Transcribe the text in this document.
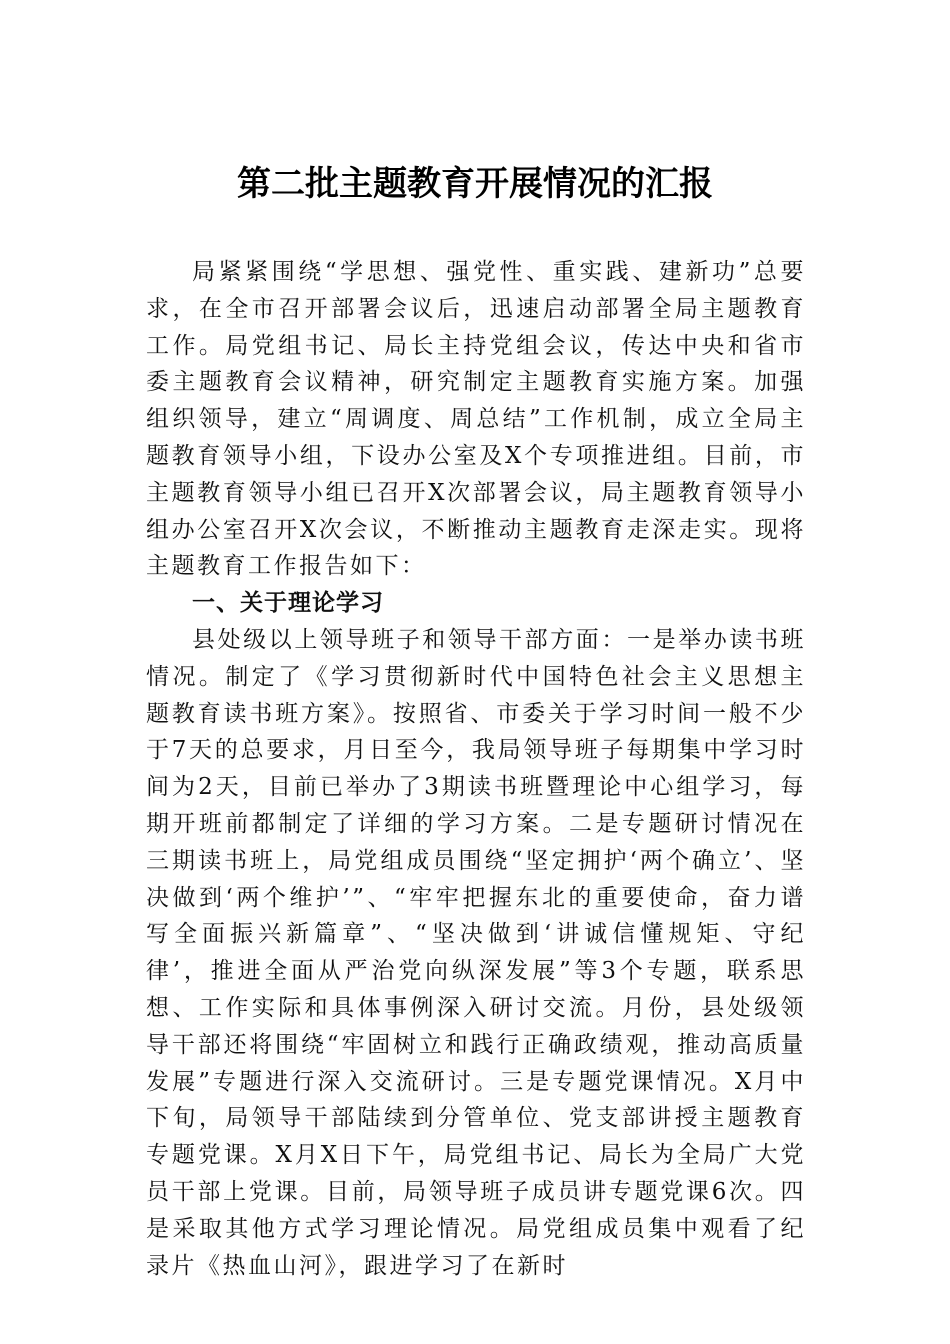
第二批主题教育开展情况的汇报

局紧紧围绕“学思想、强党性、重实践、建新功”总要求，在全市召开部署会议后，迅速启动部署全局主题教育工作。局党组书记、局长主持党组会议，传达中央和省市委主题教育会议精神，研究制定主题教育实施方案。加强组织领导，建立“周调度、周总结”工作机制，成立全局主题教育领导小组，下设办公室及X个专项推进组。目前，市主题教育领导小组已召开X次部署会议，局主题教育领导小组办公室召开X次会议，不断推动主题教育走深走实。现将主题教育工作报告如下：

一、关于理论学习

县处级以上领导班子和领导干部方面：一是举办读书班情况。制定了《学习贯彻新时代中国特色社会主义思想主题教育读书班方案》。按照省、市委关于学习时间一般不少于7天的总要求，月日至今，我局领导班子每期集中学习时间为2天，目前已举办了3期读书班暨理论中心组学习，每期开班前都制定了详细的学习方案。二是专题研讨情况在三期读书班上，局党组成员围绕“坚定拥护‘两个确立’、坚决做到‘两个维护’”、“牢牢把握东北的重要使命，奋力谱写全面振兴新篇章”、“坚决做到‘讲诚信懂规矩、守纪律’，推进全面从严治党向纵深发展”等3个专题，联系思想、工作实际和具体事例深入研讨交流。月份，县处级领导干部还将围绕“牢固树立和践行正确政绩观，推动高质量发展”专题进行深入交流研讨。三是专题党课情况。X月中下旬，局领导干部陆续到分管单位、党支部讲授主题教育专题党课。X月X日下午，局党组书记、局长为全局广大党员干部上党课。目前，局领导班子成员讲专题党课6次。四是采取其他方式学习理论情况。局党组成员集中观看了纪录片《热血山河》，跟进学习了在新时
